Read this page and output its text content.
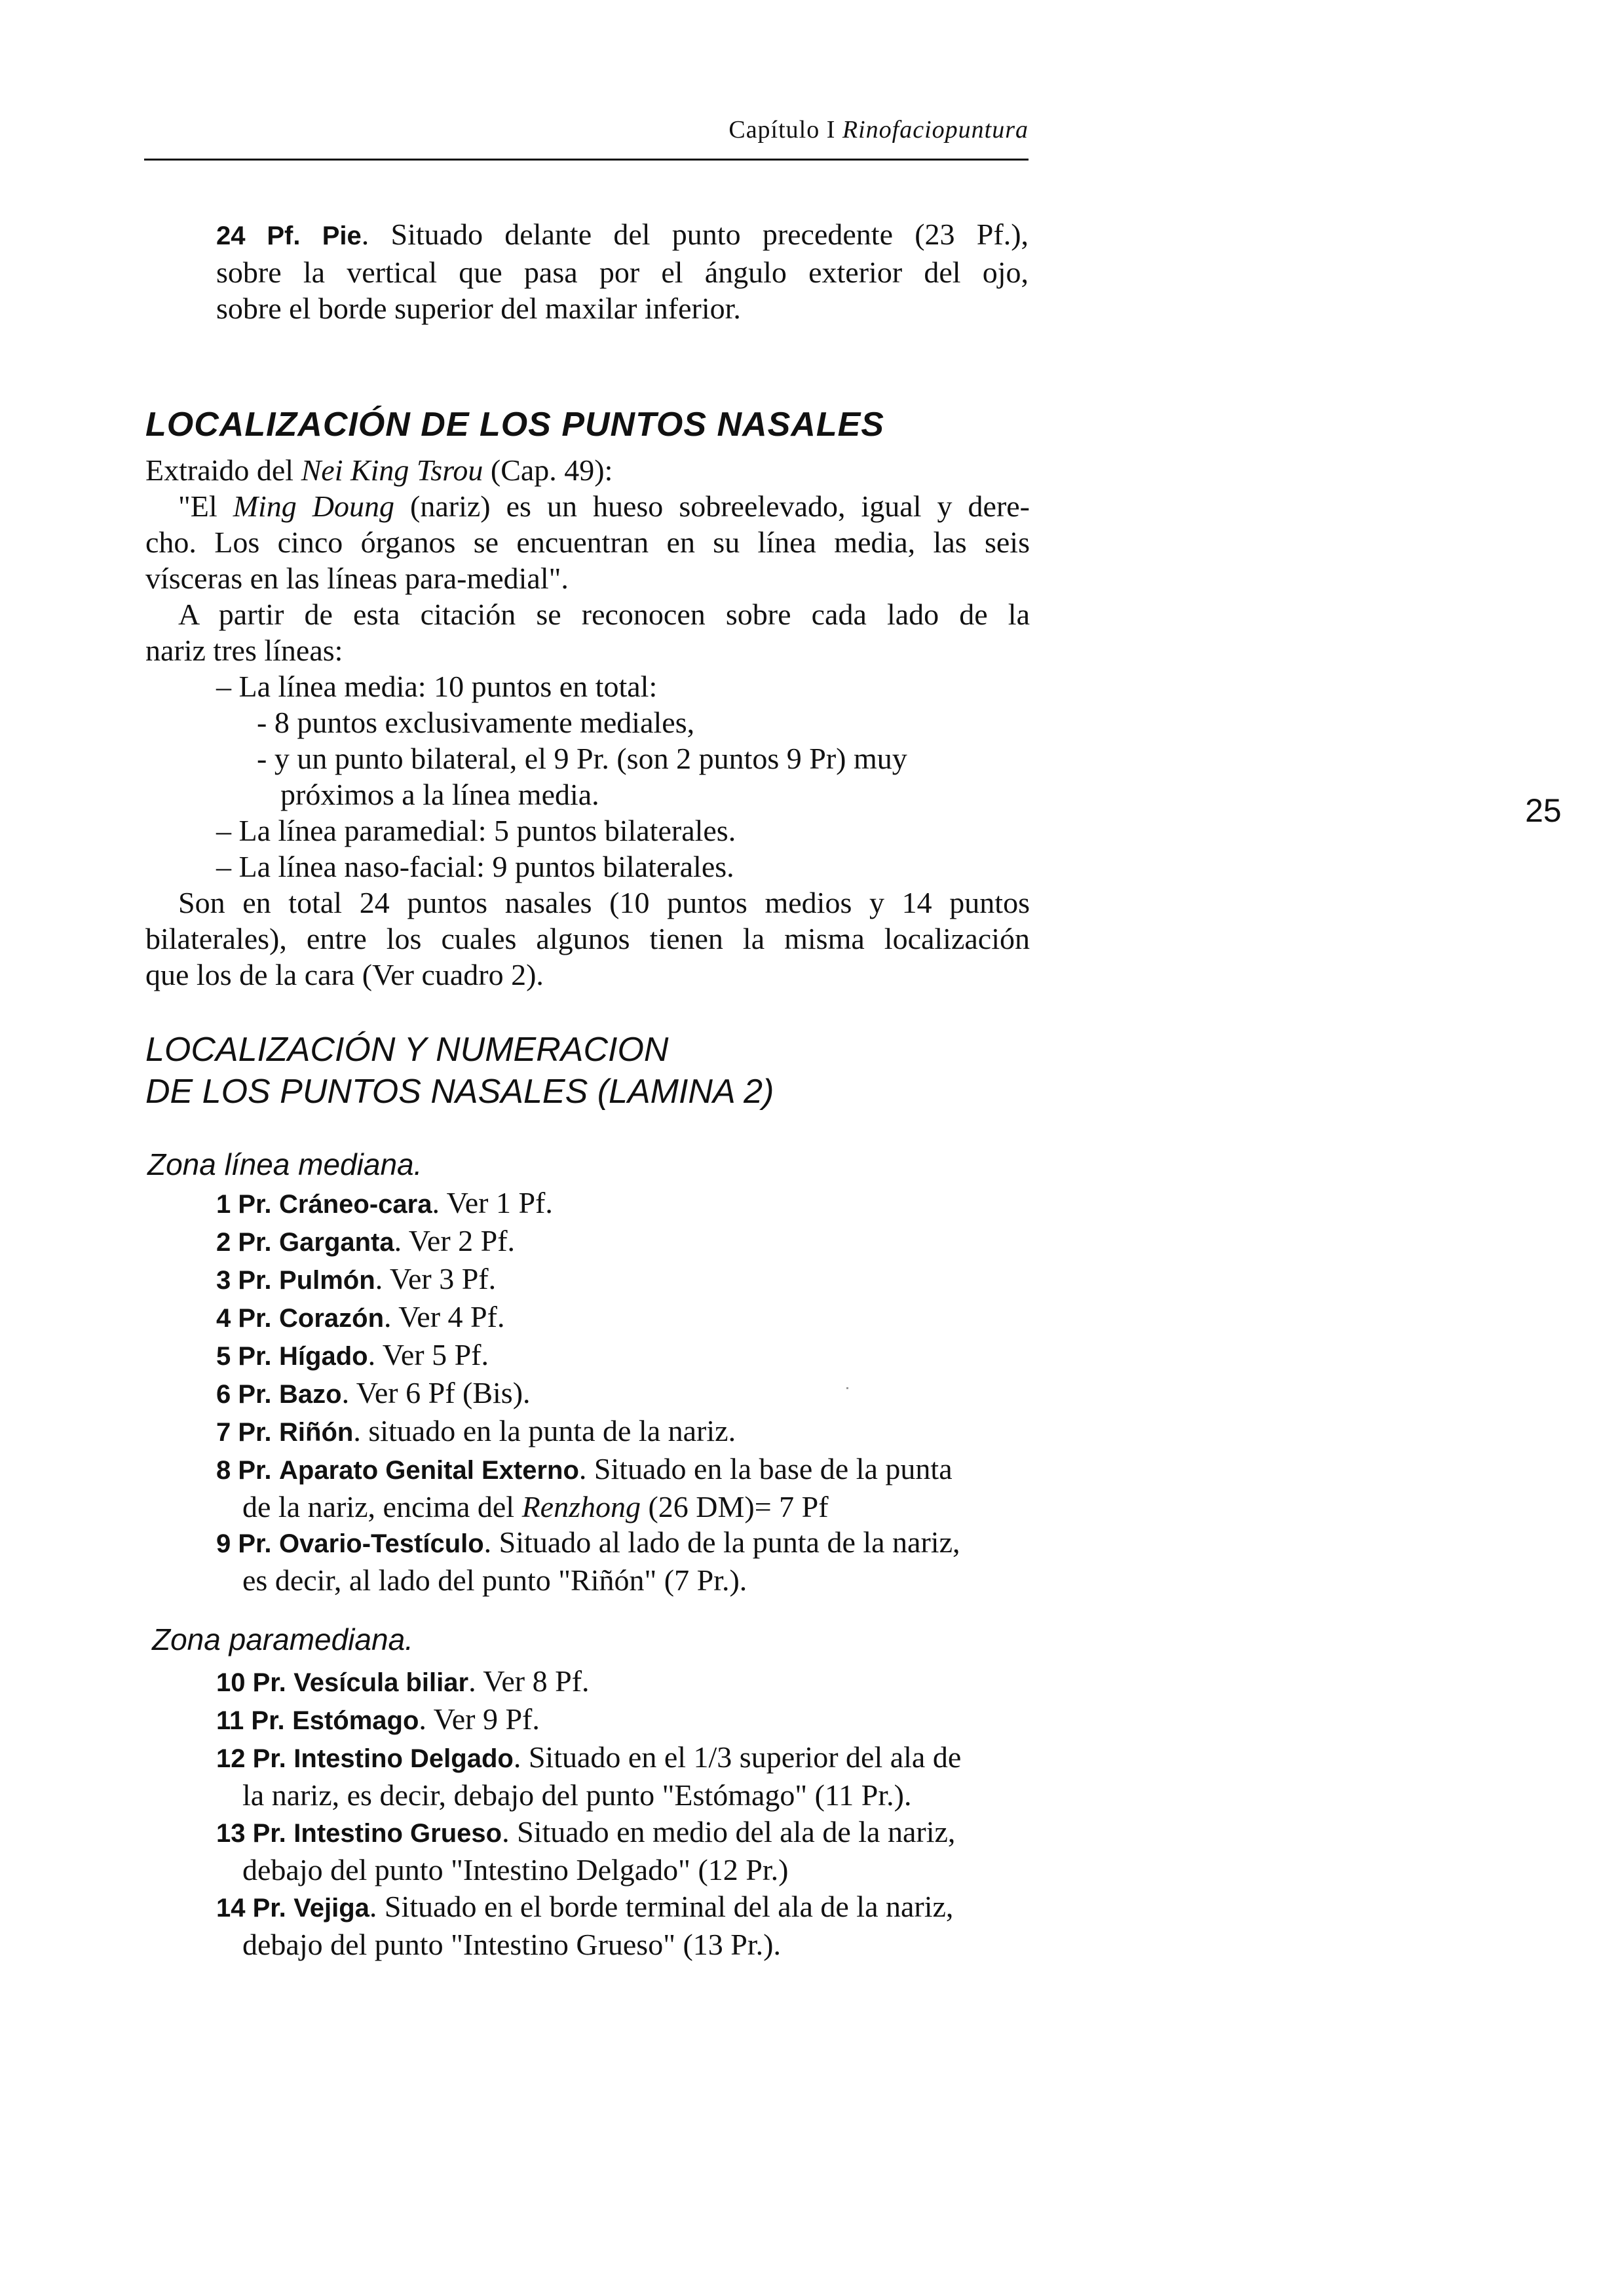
Capítulo I Rinofaciopuntura
25
24 Pf. Pie. Situado delante del punto precedente (23 Pf.),
sobre la vertical que pasa por el ángulo exterior del ojo,
sobre el borde superior del maxilar inferior.
LOCALIZACIÓN DE LOS PUNTOS NASALES
Extraido del Nei King Tsrou (Cap. 49):
"El Ming Doung (nariz) es un hueso sobreelevado, igual y dere-
cho. Los cinco órganos se encuentran en su línea media, las seis
vísceras en las líneas para-medial".
A partir de esta citación se reconocen sobre cada lado de la
nariz tres líneas:
– La línea media: 10 puntos en total:
- 8 puntos exclusivamente mediales,
- y un punto bilateral, el 9 Pr. (son 2 puntos 9 Pr) muy
próximos a la línea media.
– La línea paramedial: 5 puntos bilaterales.
– La línea naso-facial: 9 puntos bilaterales.
Son en total 24 puntos nasales (10 puntos medios y 14 puntos
bilaterales), entre los cuales algunos tienen la misma localización
que los de la cara (Ver cuadro 2).
LOCALIZACIÓN Y NUMERACION
DE LOS PUNTOS NASALES (LAMINA 2)
Zona línea mediana.
1 Pr. Cráneo-cara. Ver 1 Pf.
2 Pr. Garganta. Ver 2 Pf.
3 Pr. Pulmón. Ver 3 Pf.
4 Pr. Corazón. Ver 4 Pf.
5 Pr. Hígado. Ver 5 Pf.
6 Pr. Bazo. Ver 6 Pf (Bis).
7 Pr. Riñón. situado en la punta de la nariz.
8 Pr. Aparato Genital Externo. Situado en la base de la punta
de la nariz, encima del Renzhong (26 DM)= 7 Pf
9 Pr. Ovario-Testículo. Situado al lado de la punta de la nariz,
es decir, al lado del punto "Riñón" (7 Pr.).
Zona paramediana.
10 Pr. Vesícula biliar. Ver 8 Pf.
11 Pr. Estómago. Ver 9 Pf.
12 Pr. Intestino Delgado. Situado en el 1/3 superior del ala de
la nariz, es decir, debajo del punto "Estómago" (11 Pr.).
13 Pr. Intestino Grueso. Situado en medio del ala de la nariz,
debajo del punto "Intestino Delgado" (12 Pr.)
14 Pr. Vejiga. Situado en el borde terminal del ala de la nariz,
debajo del punto "Intestino Grueso" (13 Pr.).
